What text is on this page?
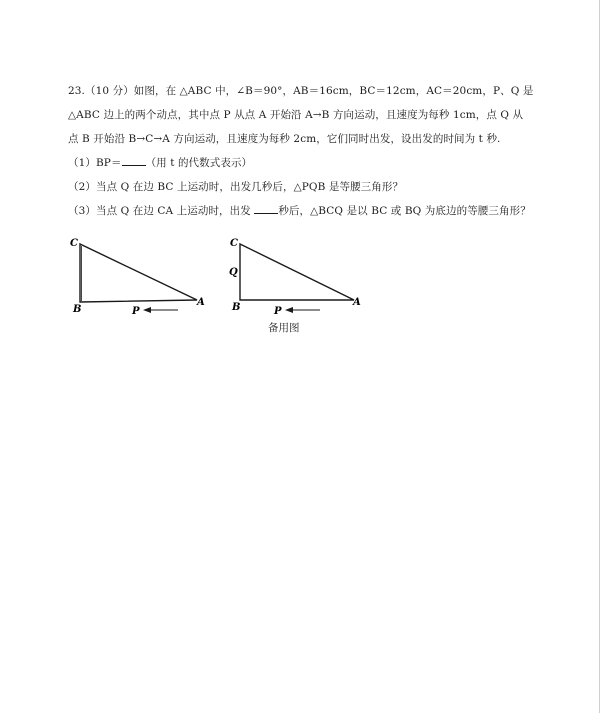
23.（10 分）如图，在 △ABC 中，∠B＝90°，AB＝16cm，BC＝12cm，AC＝20cm，P、Q 是
△ABC 边上的两个动点，其中点 P 从点 A 开始沿 A→B 方向运动，且速度为每秒 1cm，点 Q 从
点 B 开始沿 B→C→A 方向运动，且速度为每秒 2cm，它们同时出发，设出发的时间为 t 秒.
（1）BP＝ （用 t 的代数式表示）
（2）当点 Q 在边 BC 上运动时，出发几秒后，△PQB 是等腰三角形？
（3）当点 Q 在边 CA 上运动时，出发	秒后，△BCQ 是以 BC 或 BQ 为底边的等腰三角形？
C
B
A
P
C
Q
B	A
P
备用图
